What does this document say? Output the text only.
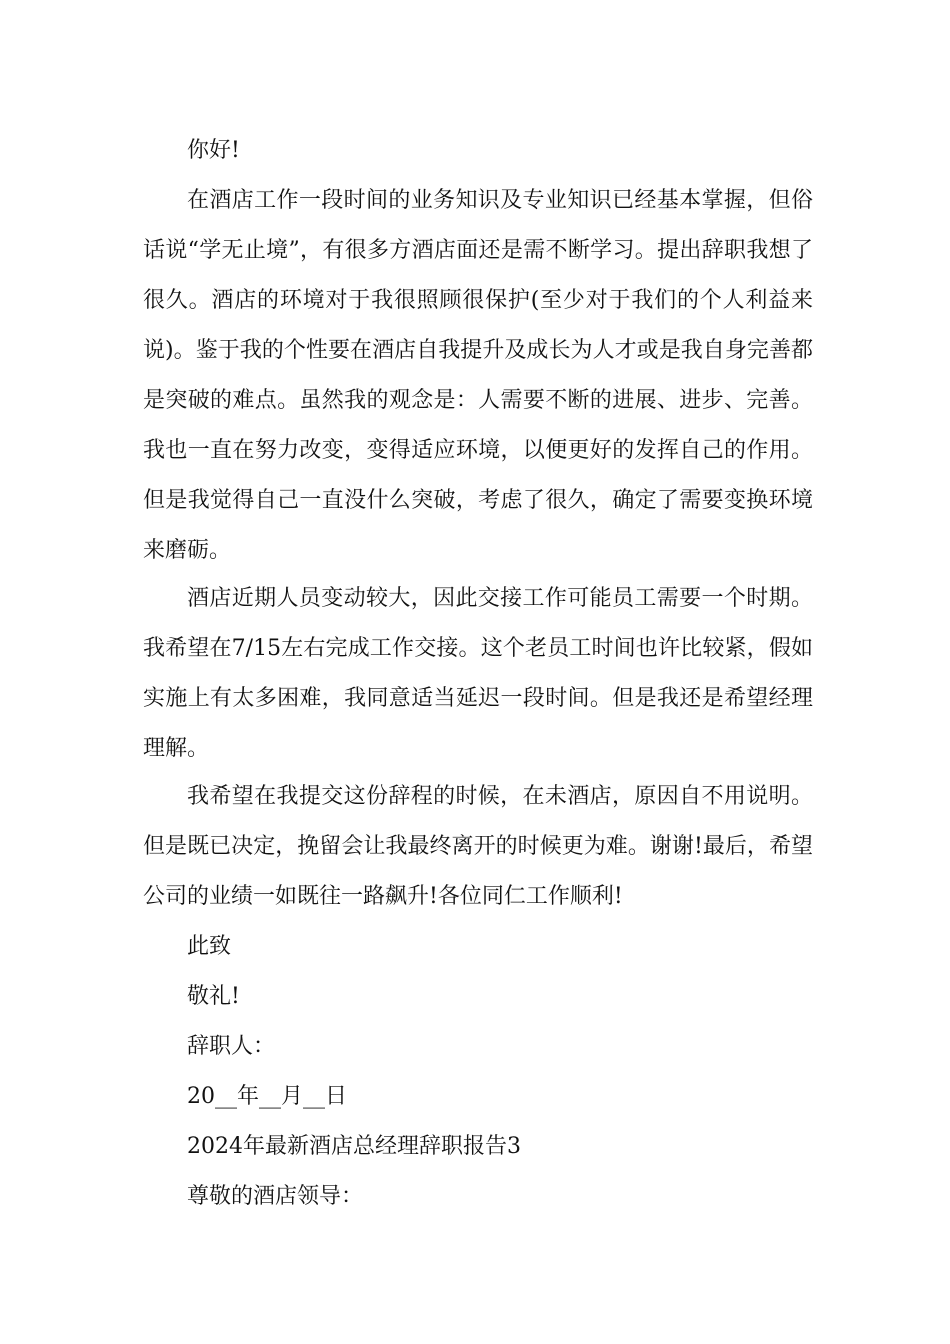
你好!

在酒店工作一段时间的业务知识及专业知识已经基本掌握，但俗话说“学无止境”，有很多方酒店面还是需不断学习。提出辞职我想了很久。酒店的环境对于我很照顾很保护(至少对于我们的个人利益来说)。鉴于我的个性要在酒店自我提升及成长为人才或是我自身完善都是突破的难点。虽然我的观念是：人需要不断的进展、进步、完善。我也一直在努力改变，变得适应环境，以便更好的发挥自己的作用。但是我觉得自己一直没什么突破，考虑了很久，确定了需要变换环境来磨砺。

酒店近期人员变动较大，因此交接工作可能员工需要一个时期。我希望在7/15左右完成工作交接。这个老员工时间也许比较紧，假如实施上有太多困难，我同意适当延迟一段时间。但是我还是希望经理理解。

我希望在我提交这份辞程的时候，在未酒店，原因自不用说明。但是既已决定，挽留会让我最终离开的时候更为难。谢谢!最后，希望公司的业绩一如既往一路飙升!各位同仁工作顺利!

此致

敬礼!

辞职人：

20__年__月__日

2024年最新酒店总经理辞职报告3

尊敬的酒店领导：
